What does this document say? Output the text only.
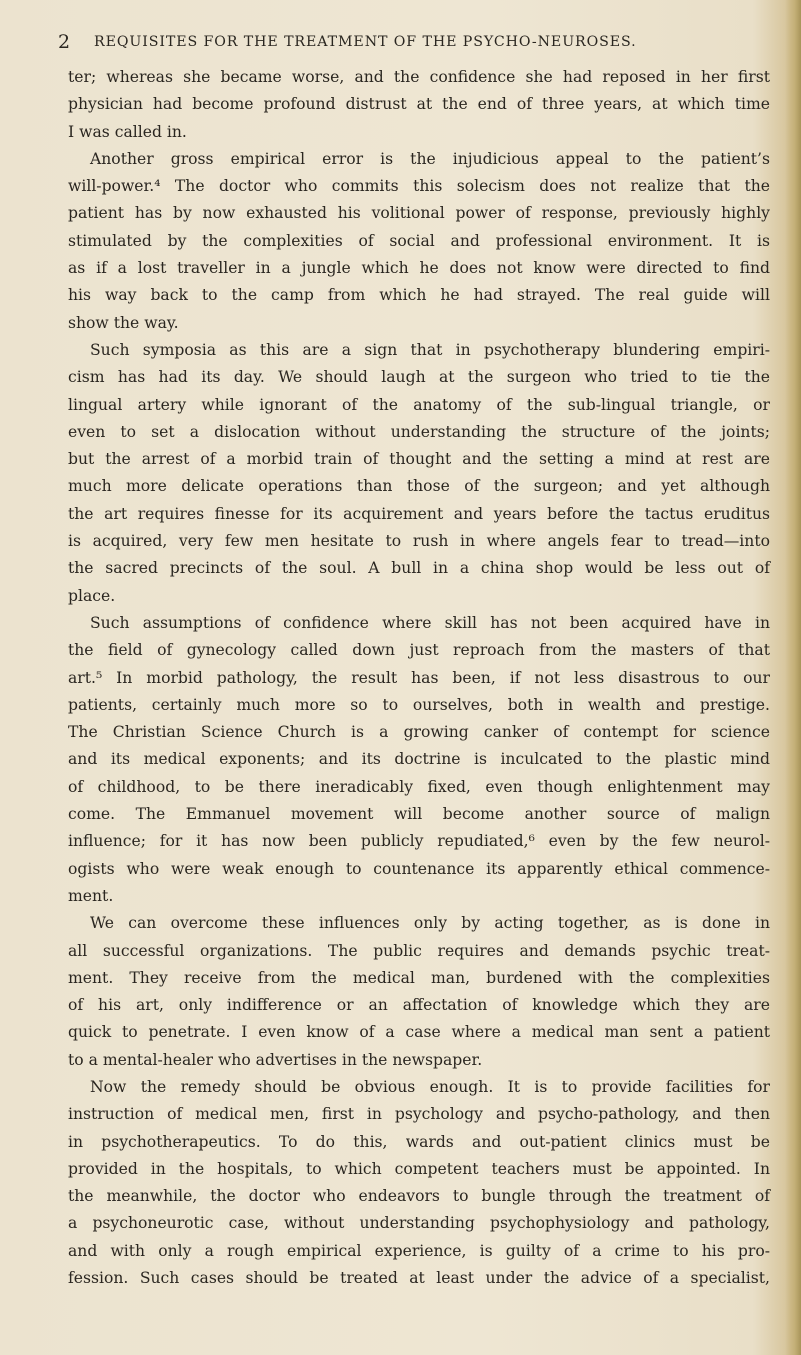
2 REQUISITES FOR THE TREATMENT OF THE PSYCHO-NEUROSES.
ter; whereas she became worse, and the confidence she had reposed in her first
physician had become profound distrust at the end of three years, at which time
I was called in.
Another gross empirical error is the injudicious appeal to the patient’s
will-power.⁴ The doctor who commits this solecism does not realize that the
patient has by now exhausted his volitional power of response, previously highly
stimulated by the complexities of social and professional environment. It is
as if a lost traveller in a jungle which he does not know were directed to find
his way back to the camp from which he had strayed. The real guide will
show the way.
Such symposia as this are a sign that in psychotherapy blundering empiri-
cism has had its day. We should laugh at the surgeon who tried to tie the
lingual artery while ignorant of the anatomy of the sub-lingual triangle, or
even to set a dislocation without understanding the structure of the joints;
but the arrest of a morbid train of thought and the setting a mind at rest are
much more delicate operations than those of the surgeon; and yet although
the art requires finesse for its acquirement and years before the tactus eruditus
is acquired, very few men hesitate to rush in where angels fear to tread—into
the sacred precincts of the soul. A bull in a china shop would be less out of
place.
Such assumptions of confidence where skill has not been acquired have in
the field of gynecology called down just reproach from the masters of that
art.⁵ In morbid pathology, the result has been, if not less disastrous to our
patients, certainly much more so to ourselves, both in wealth and prestige.
The Christian Science Church is a growing canker of contempt for science
and its medical exponents; and its doctrine is inculcated to the plastic mind
of childhood, to be there ineradicably fixed, even though enlightenment may
come. The Emmanuel movement will become another source of malign
influence; for it has now been publicly repudiated,⁶ even by the few neurol-
ogists who were weak enough to countenance its apparently ethical commence-
ment.
We can overcome these influences only by acting together, as is done in
all successful organizations. The public requires and demands psychic treat-
ment. They receive from the medical man, burdened with the complexities
of his art, only indifference or an affectation of knowledge which they are
quick to penetrate. I even know of a case where a medical man sent a patient
to a mental-healer who advertises in the newspaper.
Now the remedy should be obvious enough. It is to provide facilities for
instruction of medical men, first in psychology and psycho-pathology, and then
in psychotherapeutics. To do this, wards and out-patient clinics must be
provided in the hospitals, to which competent teachers must be appointed. In
the meanwhile, the doctor who endeavors to bungle through the treatment of
a psychoneurotic case, without understanding psychophysiology and pathology,
and with only a rough empirical experience, is guilty of a crime to his pro-
fession. Such cases should be treated at least under the advice of a specialist,
